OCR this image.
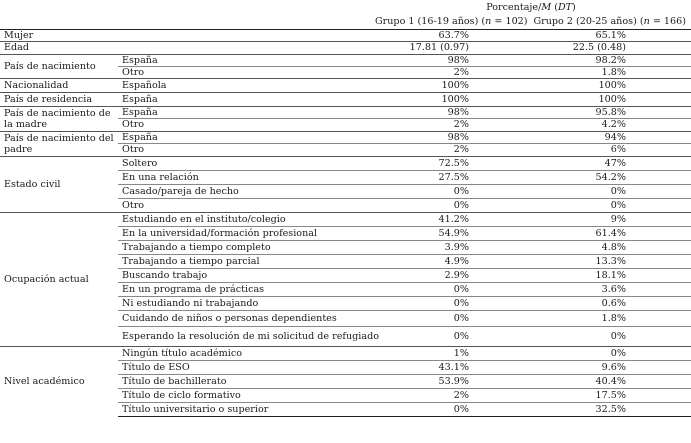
		Porcentaje/M (DT)	
		Grupo 1 (16-19 años) (n = 102)	Grupo 2 (20-25 años) (n = 166)
Mujer		63.7%	65.1%
Edad		17.81 (0.97)	22.5 (0.48)
País de nacimiento	España	98%	98.2%
	Otro	2%	1.8%
Nacionalidad	Española	100%	100%
País de residencia	España	100%	100%
País de nacimiento de la madre	España	98%	95.8%
	Otro	2%	4.2%
País de nacimiento del padre	España	98%	94%
	Otro	2%	6%
Estado civil	Soltero	72.5%	47%
	En una relación	27.5%	54.2%
	Casado/pareja de hecho	0%	0%
	Otro	0%	0%
Ocupación actual	Estudiando en el instituto/colegio	41.2%	9%
	En la universidad/formación profesional	54.9%	61.4%
	Trabajando a tiempo completo	3.9%	4.8%
	Trabajando a tiempo parcial	4.9%	13.3%
	Buscando trabajo	2.9%	18.1%
	En un programa de prácticas	0%	3.6%
	Ni estudiando ni trabajando	0%	0.6%
	Cuidando de niños o personas dependientes	0%	1.8%
	Esperando la resolución de mi solicitud de refugiado	0%	0%
Nivel académico	Ningún título académico	1%	0%
	Título de ESO	43.1%	9.6%
	Título de bachillerato	53.9%	40.4%
	Título de ciclo formativo	2%	17.5%
	Título universitario o superior	0%	32.5%
